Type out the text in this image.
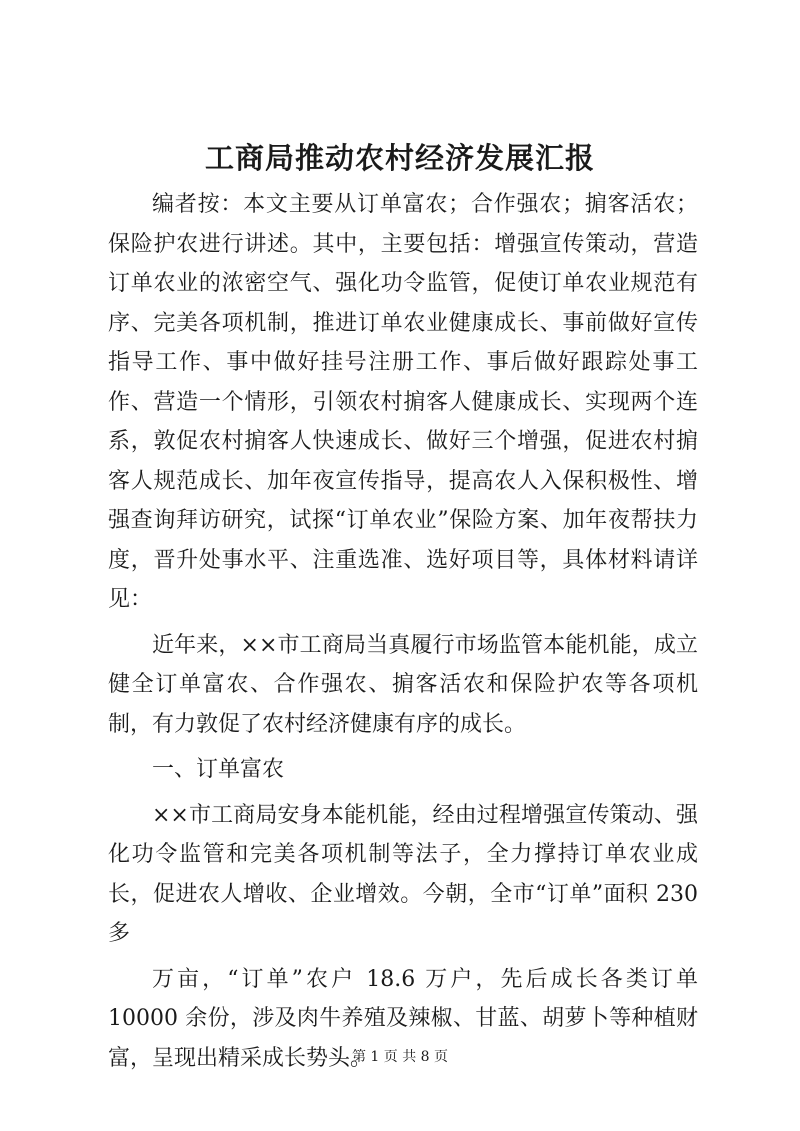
工商局推动农村经济发展汇报

编者按：本文主要从订单富农；合作强农；掮客活农；保险护农进行讲述。其中，主要包括：增强宣传策动，营造订单农业的浓密空气、强化功令监管，促使订单农业规范有序、完美各项机制，推进订单农业健康成长、事前做好宣传指导工作、事中做好挂号注册工作、事后做好跟踪处事工作、营造一个情形，引领农村掮客人健康成长、实现两个连系，敦促农村掮客人快速成长、做好三个增强，促进农村掮客人规范成长、加年夜宣传指导，提高农人入保积极性、增强查询拜访研究，试探“订单农业”保险方案、加年夜帮扶力度，晋升处事水平、注重选准、选好项目等，具体材料请详见：

近年来，××市工商局当真履行市场监管本能机能，成立健全订单富农、合作强农、掮客活农和保险护农等各项机制，有力敦促了农村经济健康有序的成长。

一、订单富农

××市工商局安身本能机能，经由过程增强宣传策动、强化功令监管和完美各项机制等法子，全力撑持订单农业成长，促进农人增收、企业增效。今朝，全市“订单”面积 230 多

万亩，“订单”农户 18.6 万户，先后成长各类订单 10000 余份，涉及肉牛养殖及辣椒、甘蓝、胡萝卜等种植财富，呈现出精采成长势头。

第 1 页 共 8 页
